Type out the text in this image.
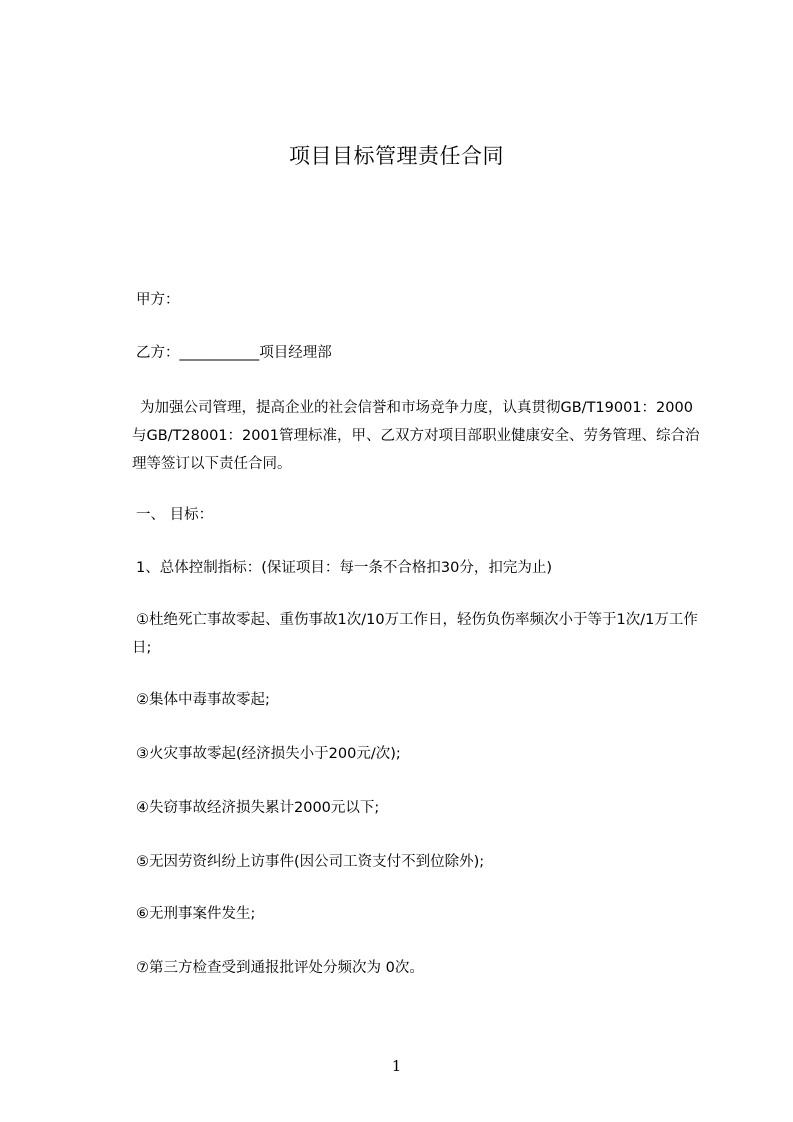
项目目标管理责任合同
甲方：
乙方：___________项目经理部
为加强公司管理，提高企业的社会信誉和市场竞争力度，认真贯彻GB/T19001：2000与GB/T28001：2001管理标准，甲、乙双方对项目部职业健康安全、劳务管理、综合治理等签订以下责任合同。
一、 目标：
1、总体控制指标：(保证项目：每一条不合格扣30分，扣完为止)
①杜绝死亡事故零起、重伤事故1次/10万工作日，轻伤负伤率频次小于等于1次/1万工作日;
②集体中毒事故零起;
③火灾事故零起(经济损失小于200元/次);
④失窃事故经济损失累计2000元以下;
⑤无因劳资纠纷上访事件(因公司工资支付不到位除外);
⑥无刑事案件发生;
⑦第三方检查受到通报批评处分频次为 0次。
1
